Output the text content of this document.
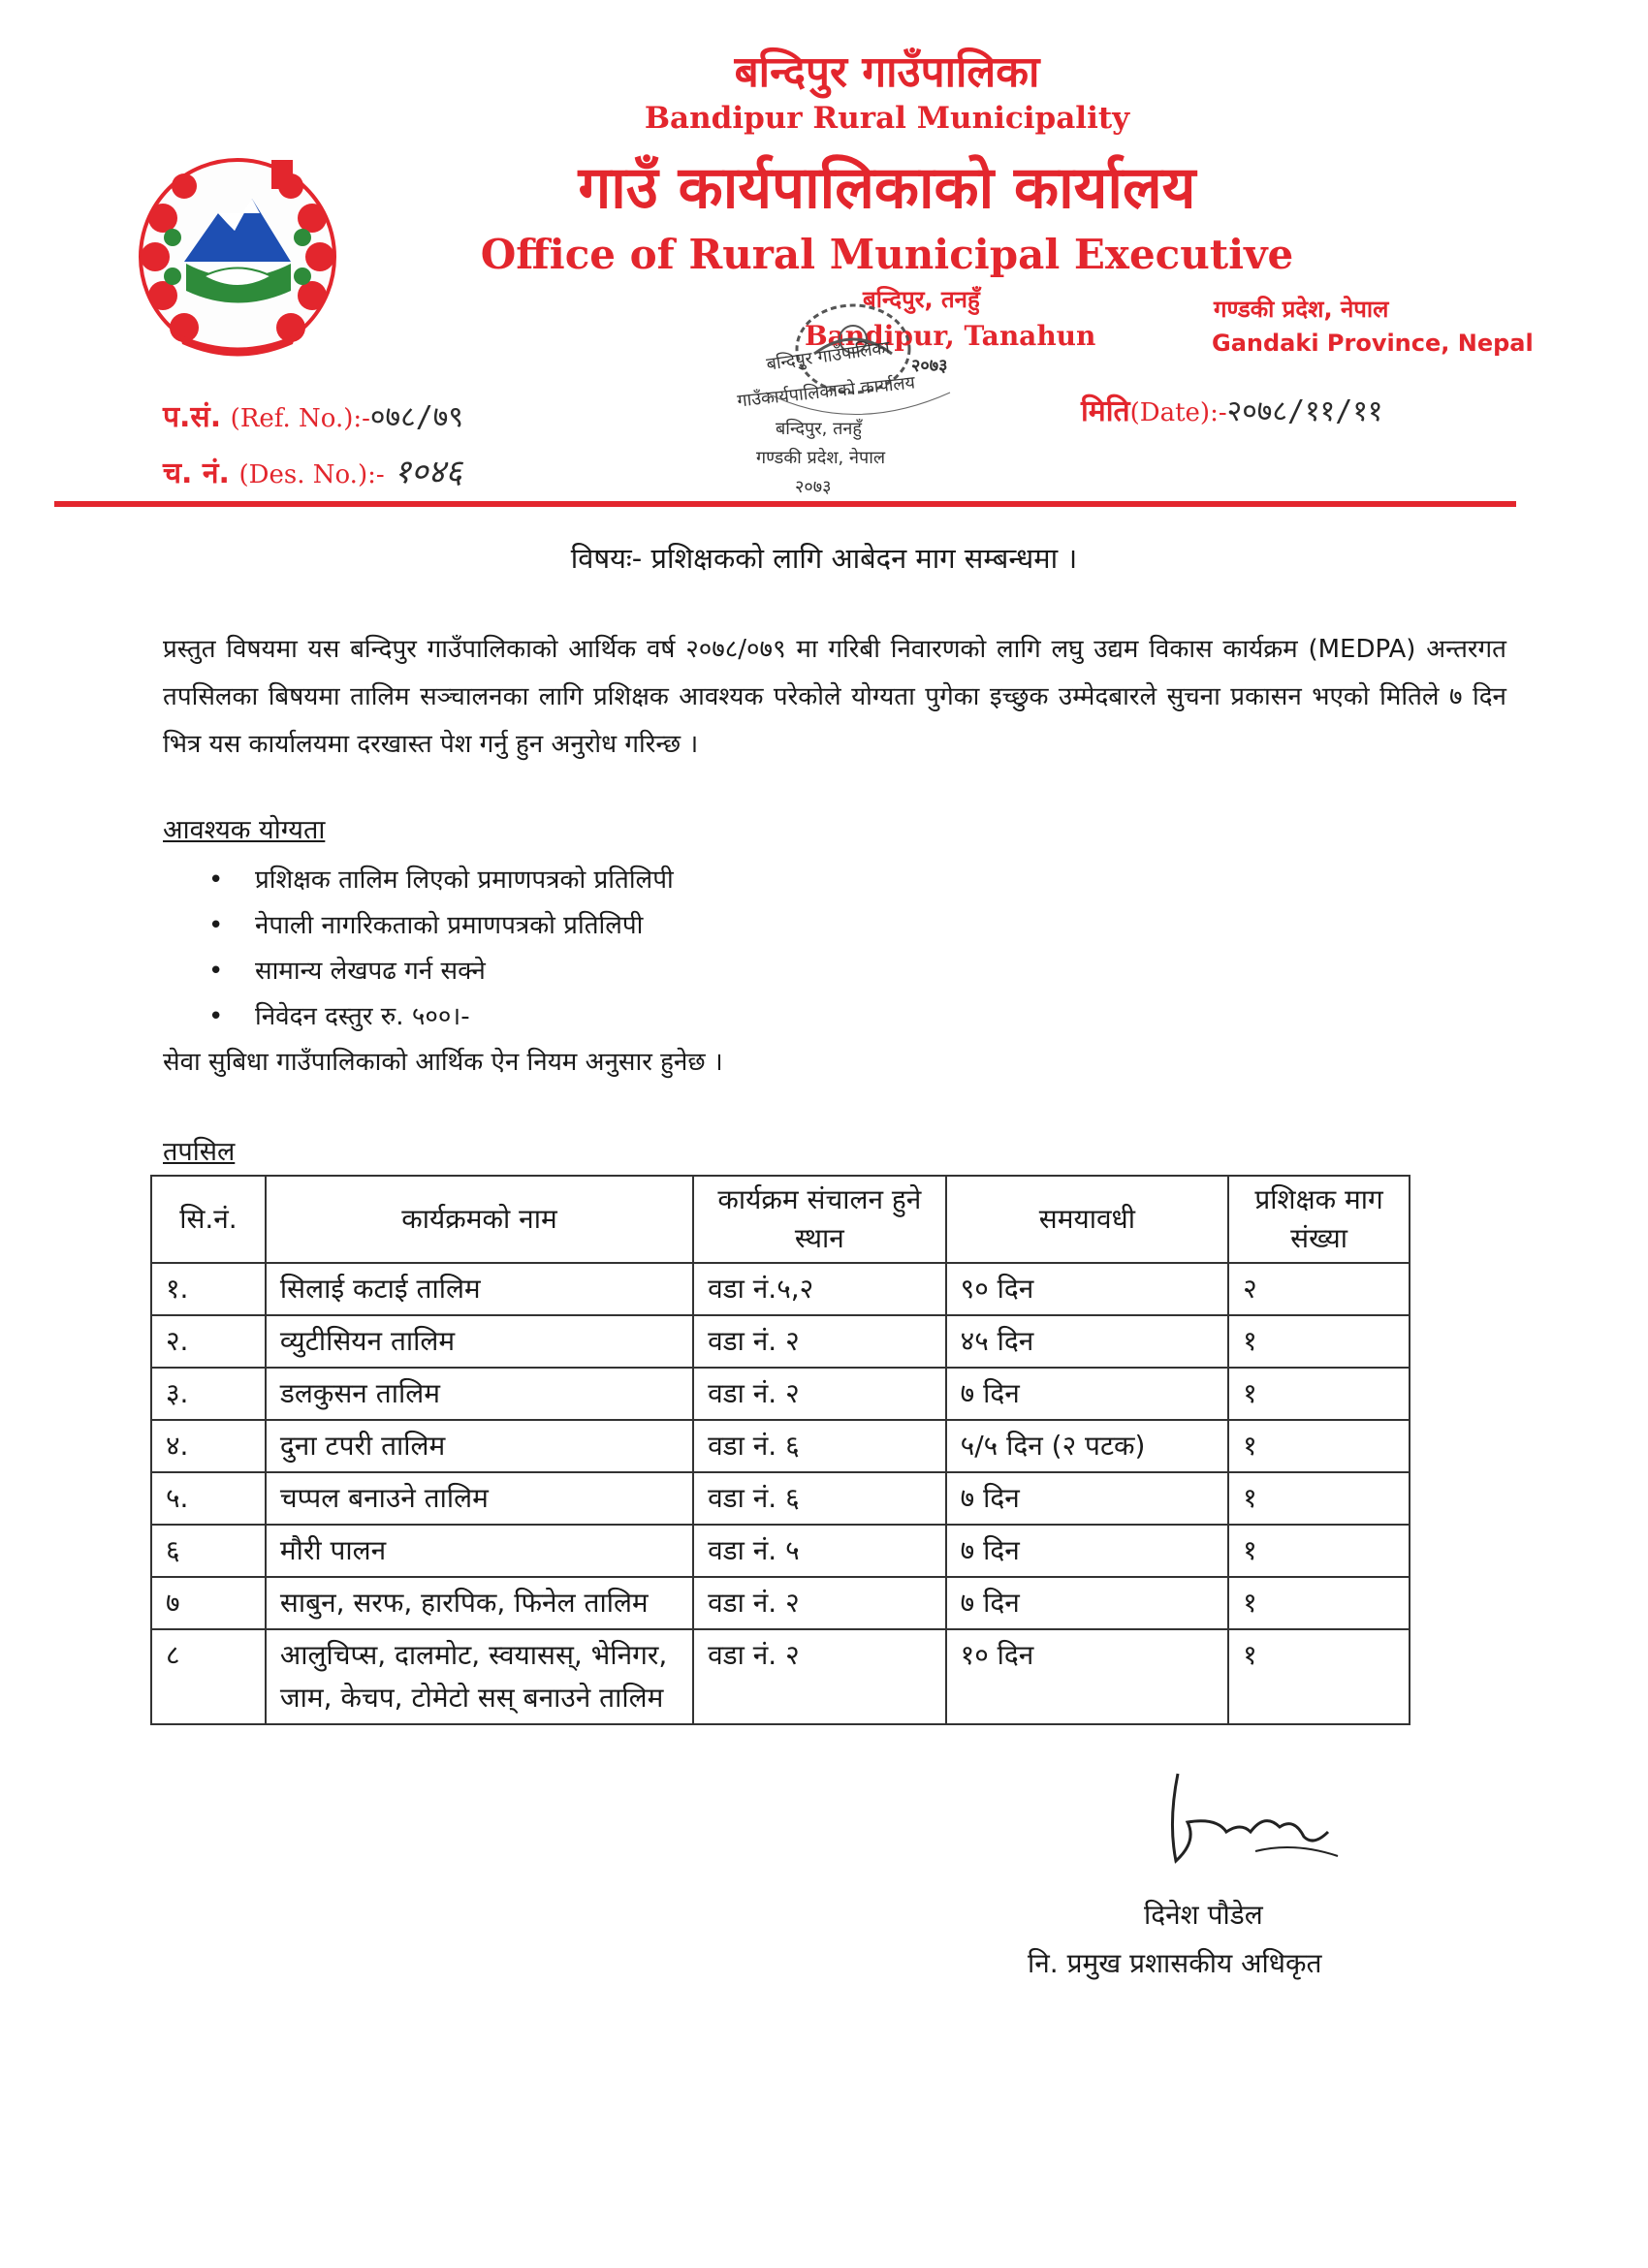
बन्दिपुर गाउँपालिका
Bandipur Rural Municipality
गाउँ कार्यपालिकाको कार्यालय
Office of Rural Municipal Executive
बन्दिपुर, तनहुँ
Bandipur, Tanahun
गण्डकी प्रदेश, नेपाल
Gandaki Province, Nepal
बन्दिपुर गाउँपालिका २०७३
गाउँकार्यपालिकाको कार्यालय
बन्दिपुर, तनहुँ
गण्डकी प्रदेश, नेपाल
२०७३
प.सं. (Ref. No.):-०७८/७९
च. नं. (Des. No.):- १०४६
मिति(Date):-२०७८/११/११
विषयः- प्रशिक्षकको लागि आबेदन माग सम्बन्धमा ।
प्रस्तुत विषयमा यस बन्दिपुर गाउँपालिकाको आर्थिक वर्ष २०७८/०७९ मा गरिबी निवारणको लागि लघु उद्यम विकास कार्यक्रम (MEDPA) अन्तरगत तपसिलका बिषयमा तालिम सञ्चालनका लागि प्रशिक्षक आवश्यक परेकोले योग्यता पुगेका इच्छुक उम्मेदबारले सुचना प्रकासन भएको मितिले ७ दिन भित्र यस कार्यालयमा दरखास्त पेश गर्नु हुन अनुरोध गरिन्छ ।
आवश्यक योग्यता
• प्रशिक्षक तालिम लिएको प्रमाणपत्रको प्रतिलिपी
• नेपाली नागरिकताको प्रमाणपत्रको प्रतिलिपी
• सामान्य लेखपढ गर्न सक्ने
• निवेदन दस्तुर रु. ५००।-
सेवा सुबिधा गाउँपालिकाको आर्थिक ऐन नियम अनुसार हुनेछ ।
तपसिल
सि.नं.	कार्यक्रमको नाम	कार्यक्रम संचालन हुने स्थान	समयावधी	प्रशिक्षक माग संख्या
१.	सिलाई कटाई तालिम	वडा नं.५,२	९० दिन	२
२.	व्युटीसियन तालिम	वडा नं. २	४५ दिन	१
३.	डलकुसन तालिम	वडा नं. २	७ दिन	१
४.	दुना टपरी तालिम	वडा नं. ६	५/५ दिन (२ पटक)	१
५.	चप्पल बनाउने तालिम	वडा नं. ६	७ दिन	१
६	मौरी पालन	वडा नं. ५	७ दिन	१
७	साबुन, सरफ, हारपिक, फिनेल तालिम	वडा नं. २	७ दिन	१
८	आलुचिप्स, दालमोट, स्वयासस्, भेनिगर, जाम, केचप, टोमेटो सस् बनाउने तालिम	वडा नं. २	१० दिन	१
दिनेश पौडेल
नि. प्रमुख प्रशासकीय अधिकृत
